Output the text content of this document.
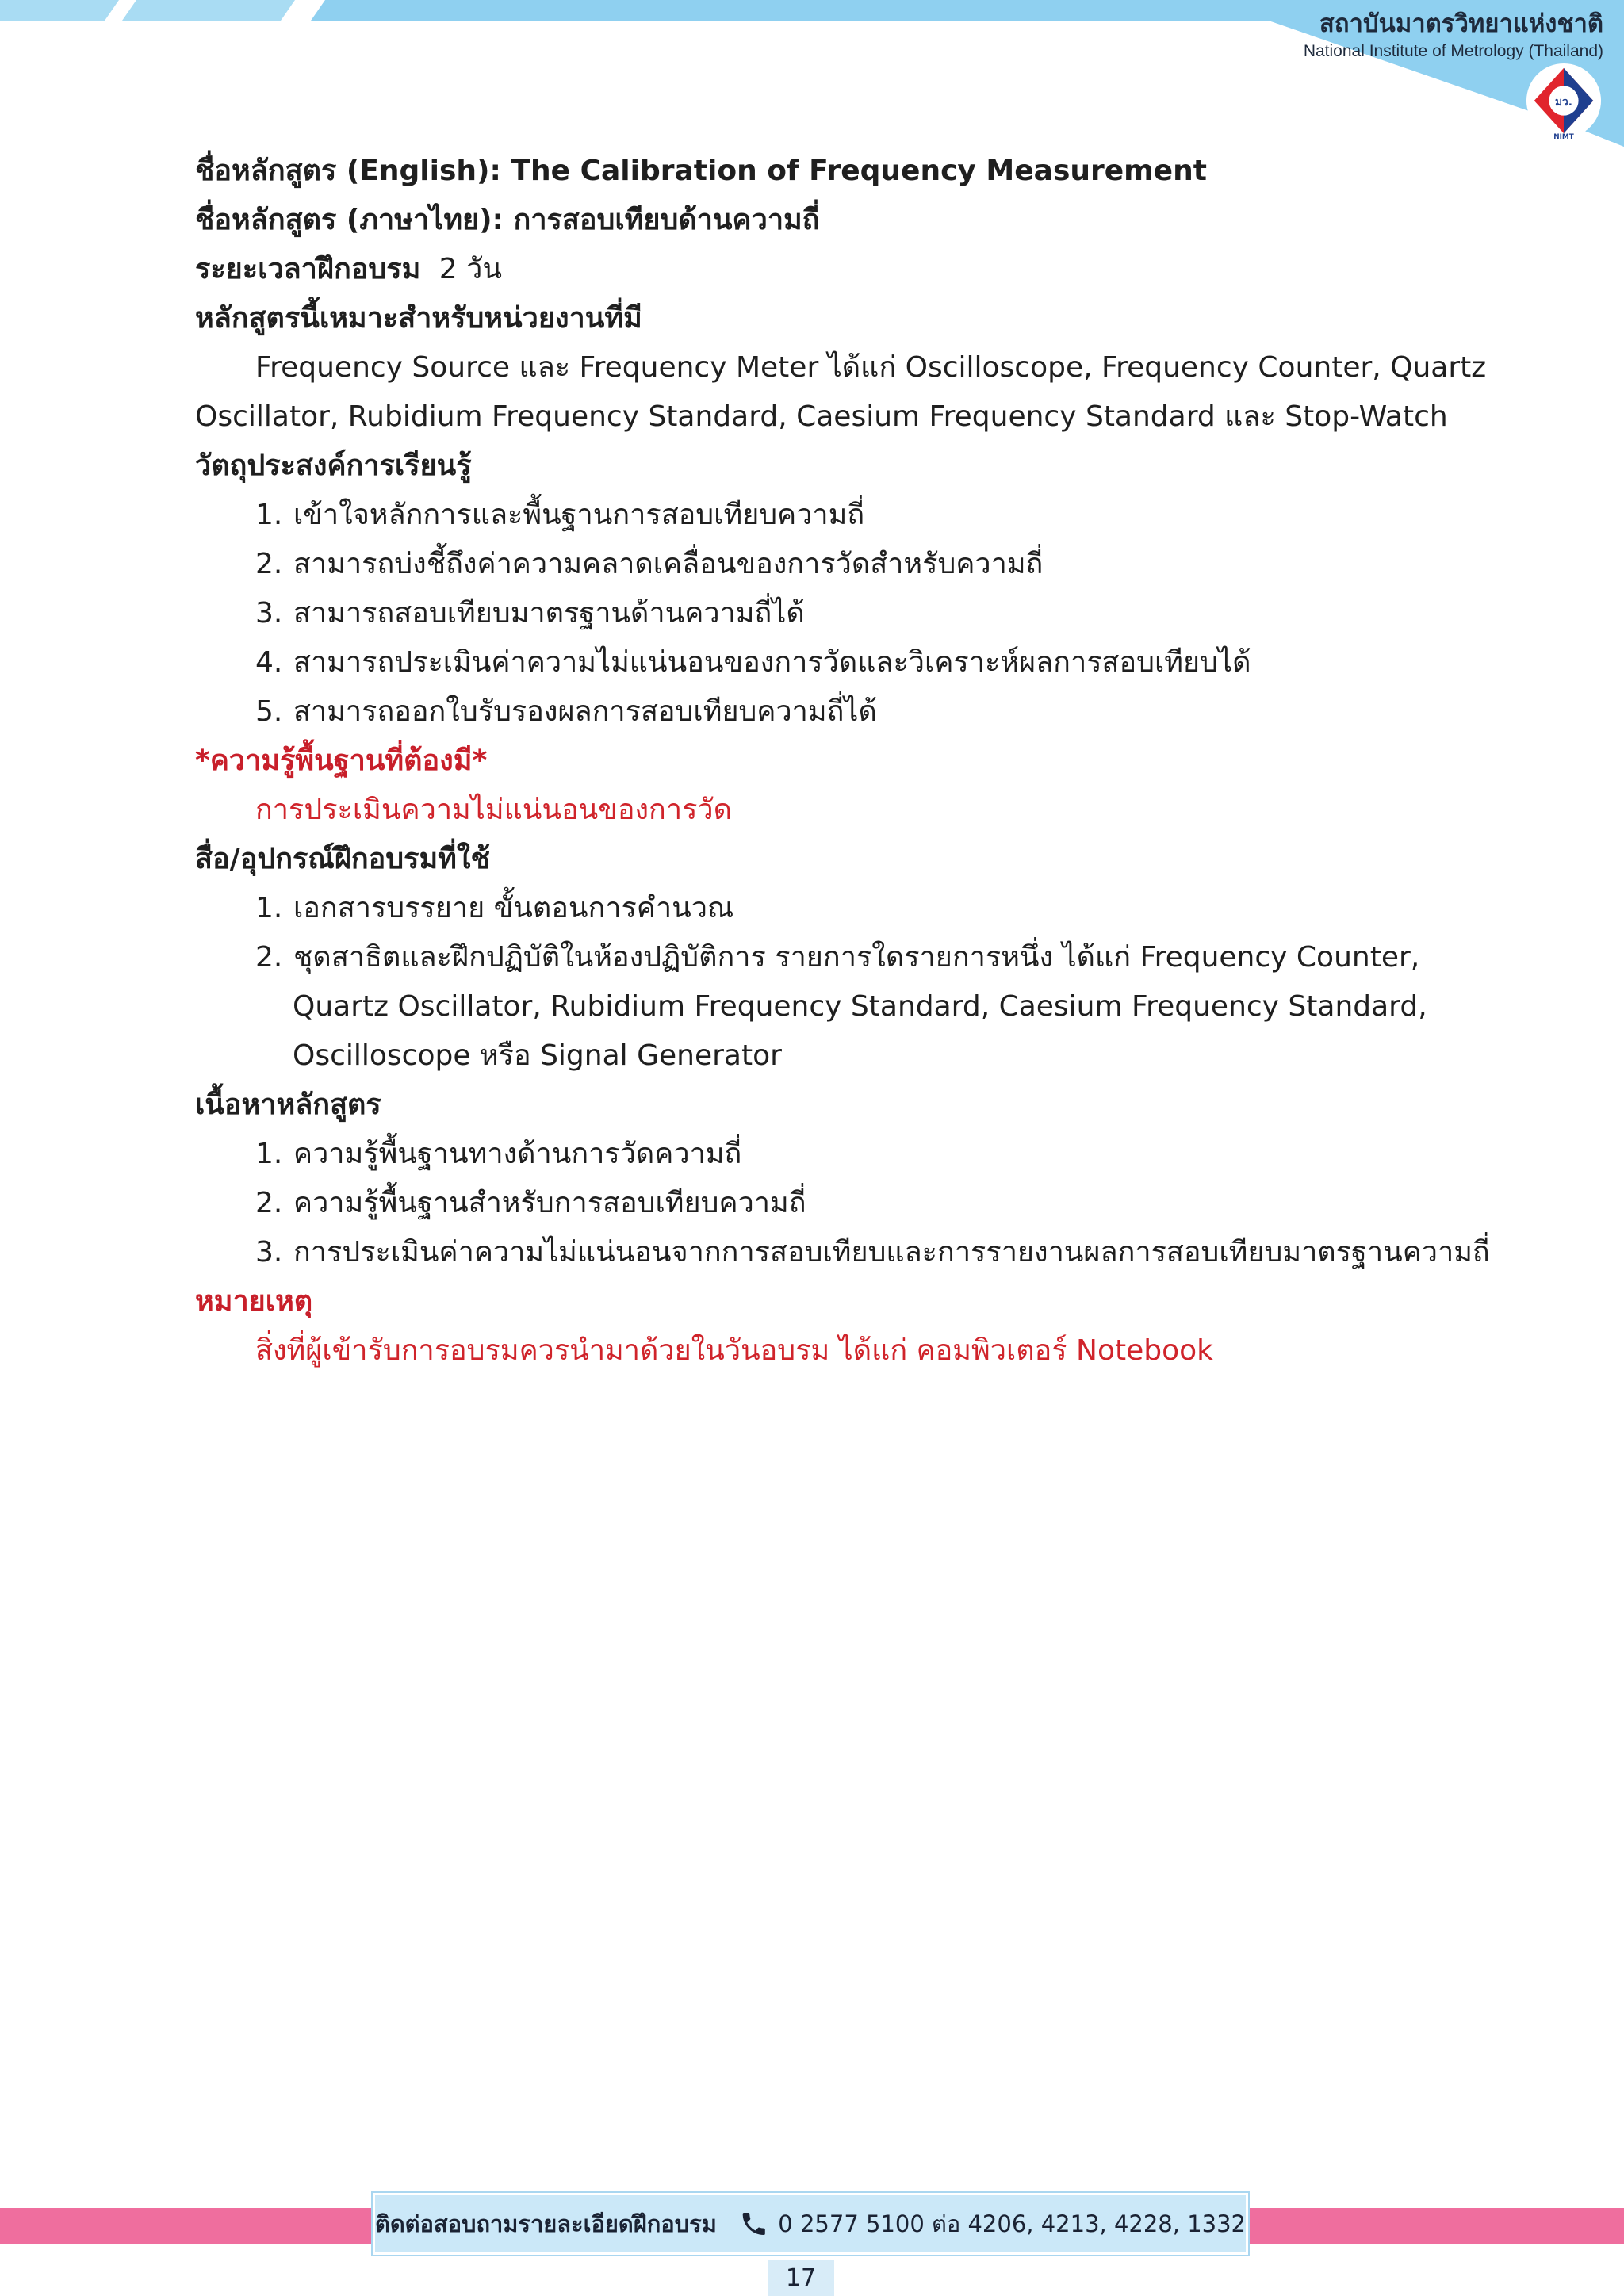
สถาบันมาตรวิทยาแห่งชาติ
National Institute of Metrology (Thailand)
มว.
NIMT
ชื่อหลักสูตร (English): The Calibration of Frequency Measurement
ชื่อหลักสูตร (ภาษาไทย): การสอบเทียบด้านความถี่
ระยะเวลาฝึกอบรม 2 วัน
หลักสูตรนี้เหมาะสำหรับหน่วยงานที่มี
Frequency Source และ Frequency Meter ได้แก่ Oscilloscope, Frequency Counter, Quartz
Oscillator, Rubidium Frequency Standard, Caesium Frequency Standard และ Stop-Watch
วัตถุประสงค์การเรียนรู้
1. เข้าใจหลักการและพื้นฐานการสอบเทียบความถี่
2. สามารถบ่งชี้ถึงค่าความคลาดเคลื่อนของการวัดสำหรับความถี่
3. สามารถสอบเทียบมาตรฐานด้านความถี่ได้
4. สามารถประเมินค่าความไม่แน่นอนของการวัดและวิเคราะห์ผลการสอบเทียบได้
5. สามารถออกใบรับรองผลการสอบเทียบความถี่ได้
*ความรู้พื้นฐานที่ต้องมี*
การประเมินความไม่แน่นอนของการวัด
สื่อ/อุปกรณ์ฝึกอบรมที่ใช้
1. เอกสารบรรยาย ขั้นตอนการคำนวณ
2. ชุดสาธิตและฝึกปฏิบัติในห้องปฏิบัติการ รายการใดรายการหนึ่ง ได้แก่ Frequency Counter,
Quartz Oscillator, Rubidium Frequency Standard, Caesium Frequency Standard,
Oscilloscope หรือ Signal Generator
เนื้อหาหลักสูตร
1. ความรู้พื้นฐานทางด้านการวัดความถี่
2. ความรู้พื้นฐานสำหรับการสอบเทียบความถี่
3. การประเมินค่าความไม่แน่นอนจากการสอบเทียบและการรายงานผลการสอบเทียบมาตรฐานความถี่
หมายเหตุ
สิ่งที่ผู้เข้ารับการอบรมควรนำมาด้วยในวันอบรม ได้แก่ คอมพิวเตอร์ Notebook
ติดต่อสอบถามรายละเอียดฝึกอบรม	0 2577 5100 ต่อ 4206, 4213, 4228, 1332
17
